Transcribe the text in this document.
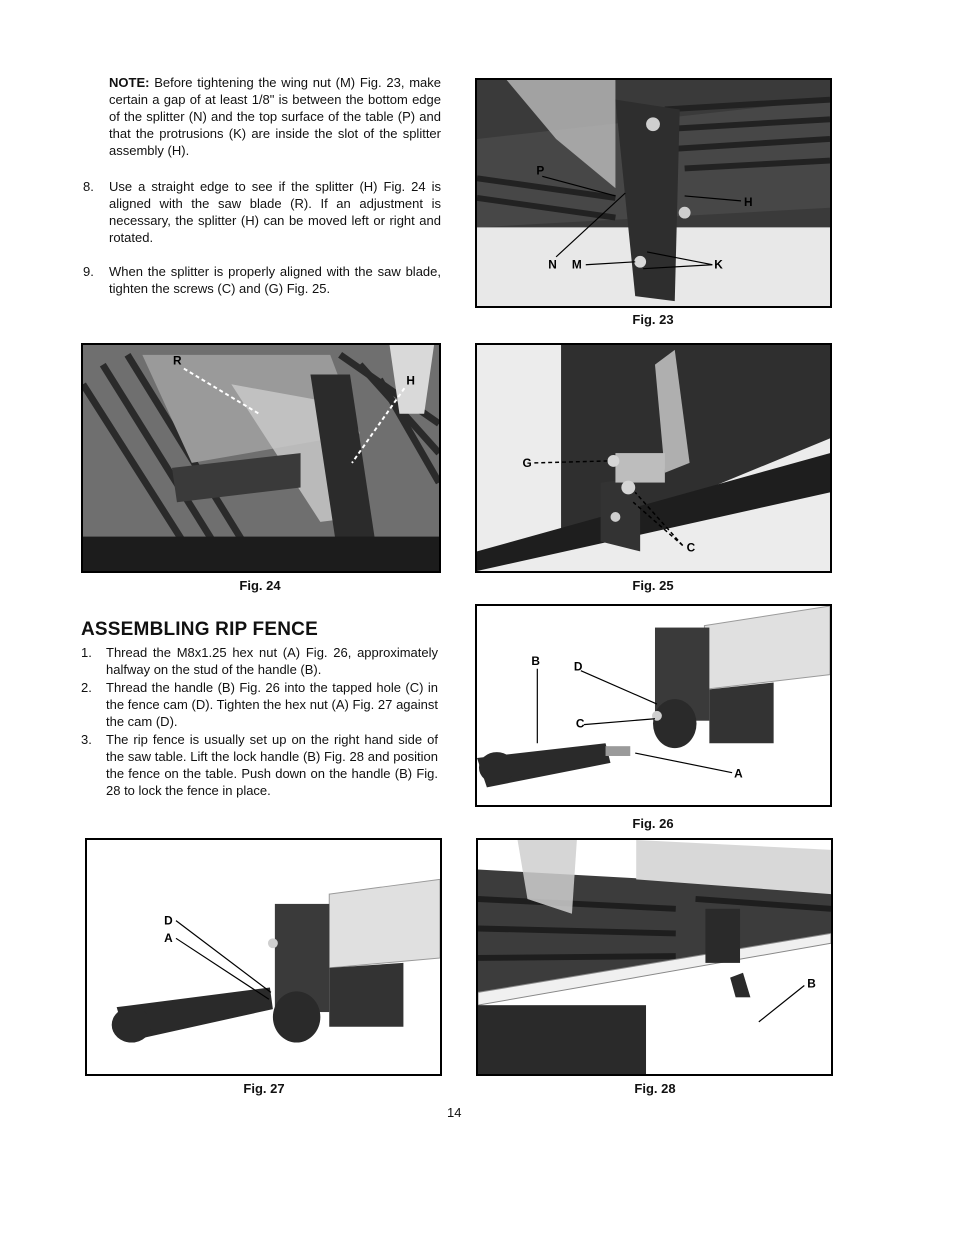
NOTE: Before tightening the wing nut (M) Fig. 23, make certain a gap of at least 1/8" is between the bottom edge of the splitter (N) and the top surface of the table (P) and that the protrusions (K) are inside the slot of the splitter assembly (H).
8.	Use a straight edge to see if the splitter (H) Fig. 24 is aligned with the saw blade (R). If an adjustment is necessary, the splitter (H) can be moved left or right and rotated.
9.	When the splitter is properly aligned with the saw blade, tighten the screws (C) and (G) Fig. 25.
P
H
N M	K
Fig. 23
R
H
Fig. 24
G
C
Fig. 25
ASSEMBLING RIP FENCE
1.	Thread the M8x1.25 hex nut (A) Fig. 26, approximately halfway on the stud of the handle (B).
2.	Thread the handle (B) Fig. 26 into the tapped hole (C) in the fence cam (D). Tighten the hex nut (A) Fig. 27 against the cam (D).
3.	The rip fence is usually set up on the right hand side of the saw table. Lift the lock handle (B) Fig. 28 and position the fence on the table. Push down on the handle (B) Fig. 28 to lock the fence in place.
B	D
C
A
Fig. 26
D
A
Fig. 27
B
Fig. 28
14
